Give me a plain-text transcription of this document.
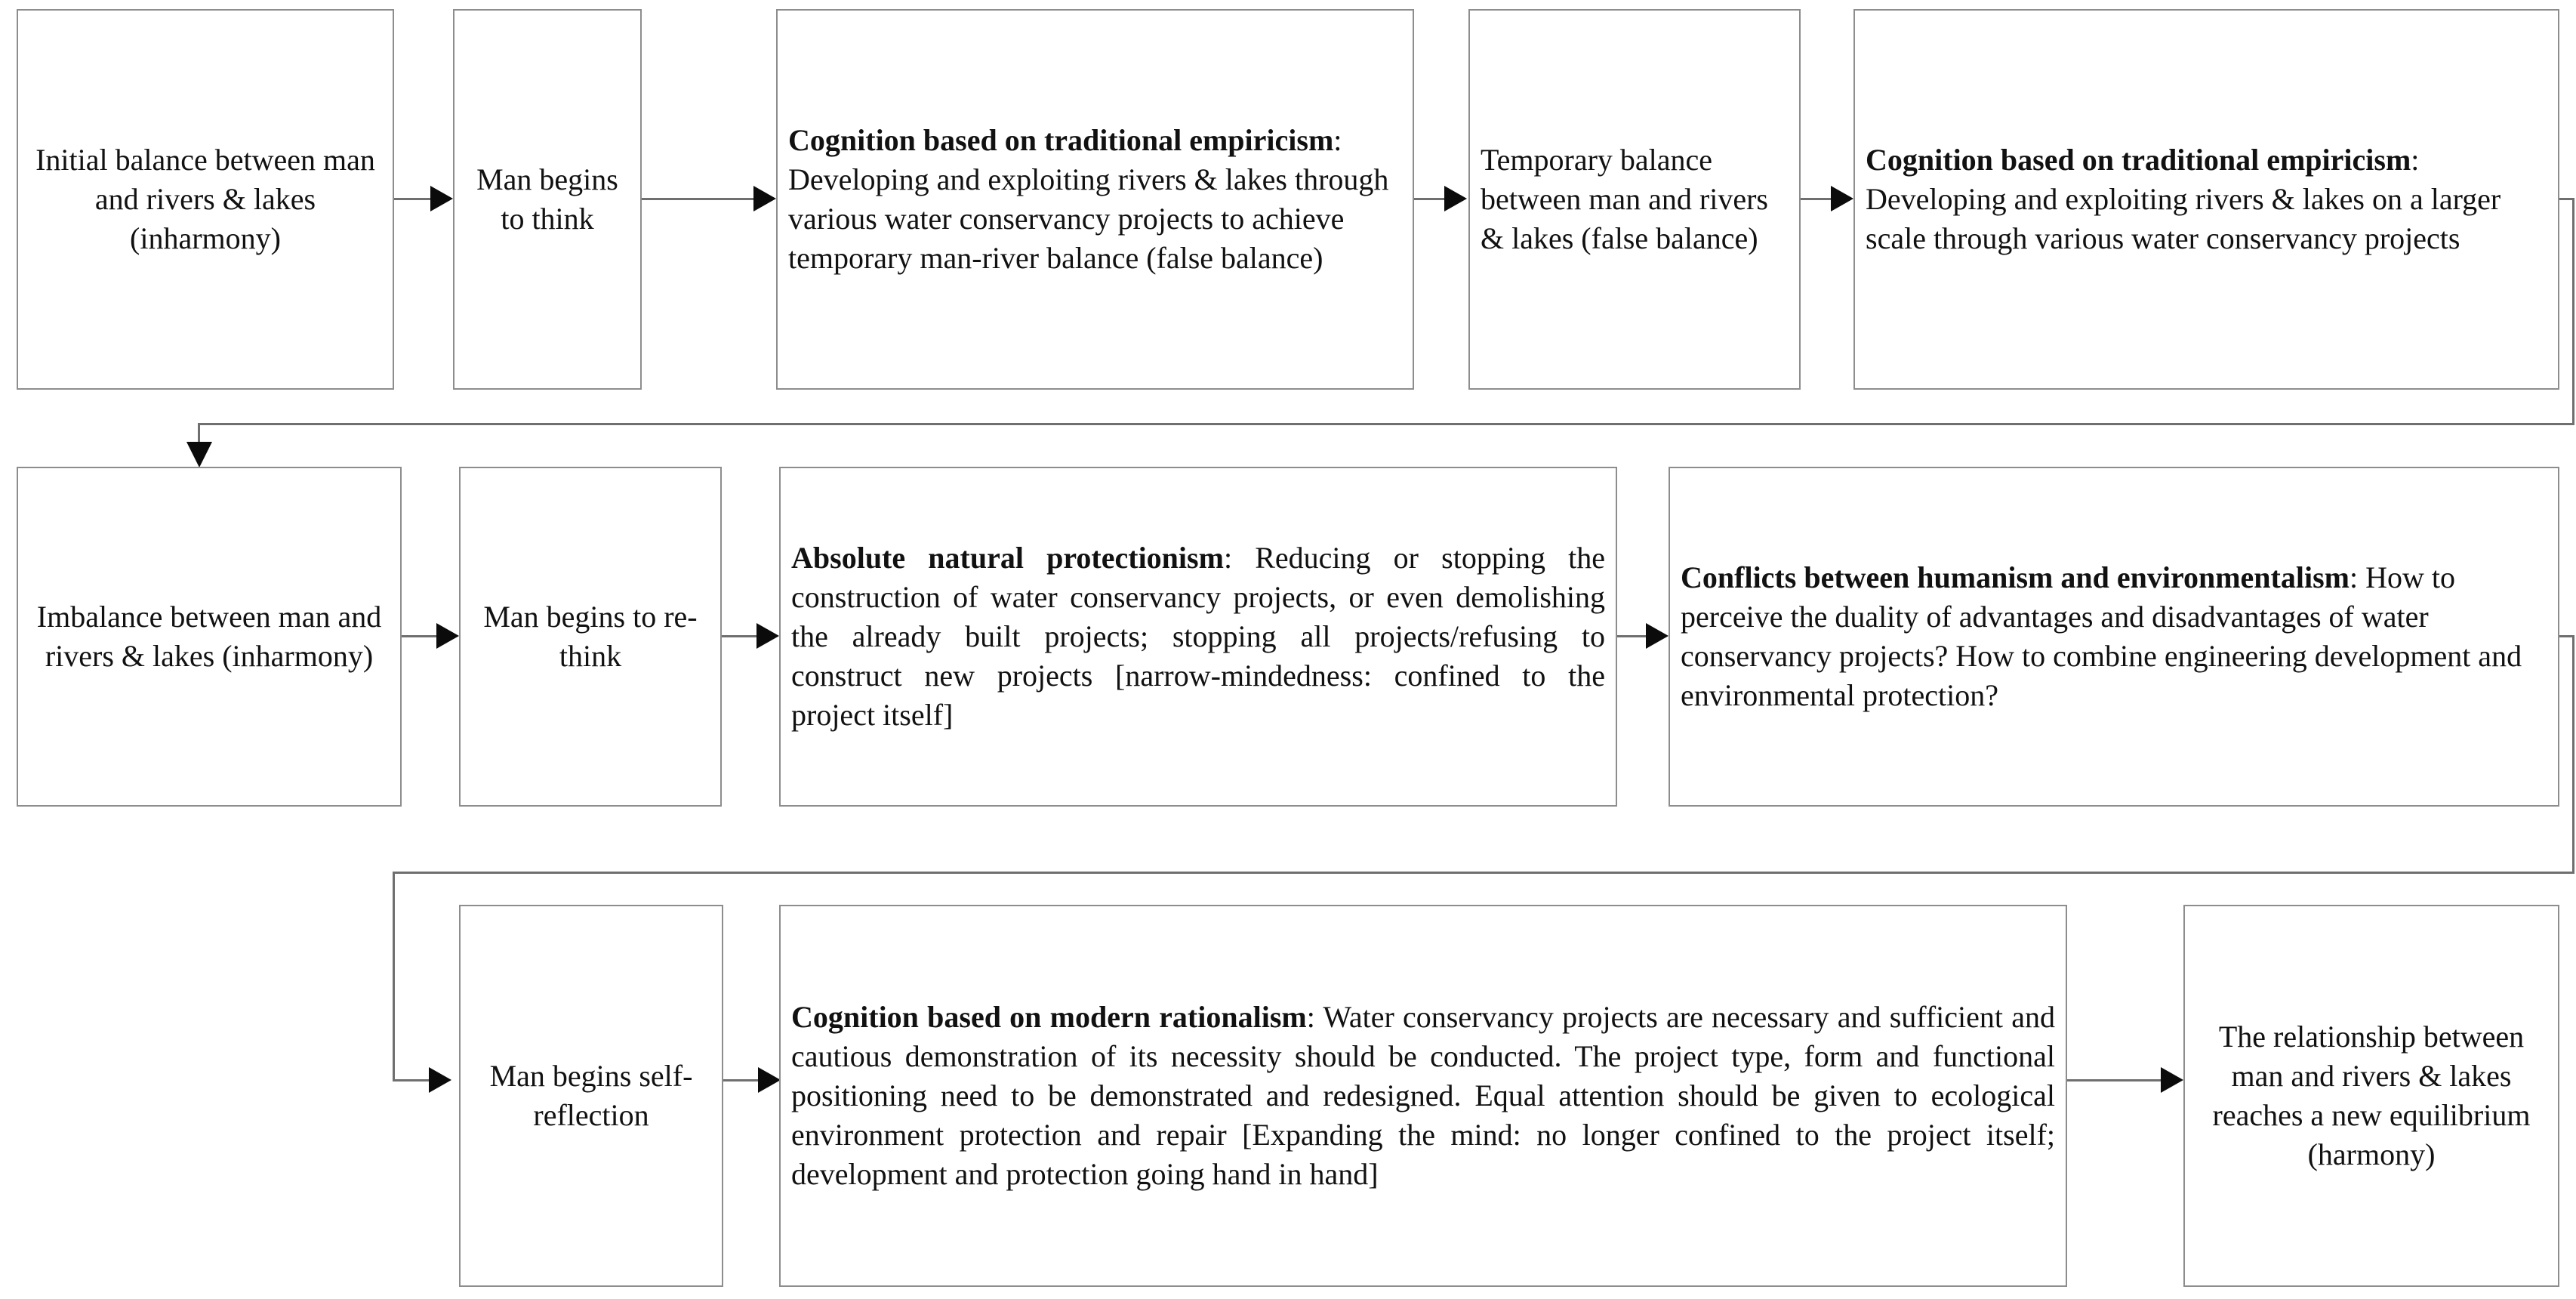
Initial balance between man and rivers & lakes (inharmony)
Man begins to think
Cognition based on traditional empiricism: Developing and exploiting rivers & lakes through various water conservancy projects to achieve temporary man-river balance (false balance)
Temporary balance between man and rivers & lakes (false balance)
Cognition based on traditional empiricism: Developing and exploiting rivers & lakes on a larger scale through various water conservancy projects
Imbalance between man and rivers & lakes (inharmony)
Man begins to re-think
Absolute natural protectionism: Reducing or stopping the construction of water conservancy projects, or even demolishing the already built projects; stopping all projects/refusing to construct new projects [narrow-mindedness: confined to the project itself]
Conflicts between humanism and environmentalism: How to perceive the duality of advantages and disadvantages of water conservancy projects? How to combine engineering development and environmental protection?
Man begins self-reflection
Cognition based on modern rationalism: Water conservancy projects are necessary and sufficient and cautious demonstration of its necessity should be conducted. The project type, form and functional positioning need to be demonstrated and redesigned. Equal attention should be given to ecological environment protection and repair [Expanding the mind: no longer confined to the project itself; development and protection going hand in hand]
The relationship between man and rivers & lakes reaches a new equilibrium (harmony)
